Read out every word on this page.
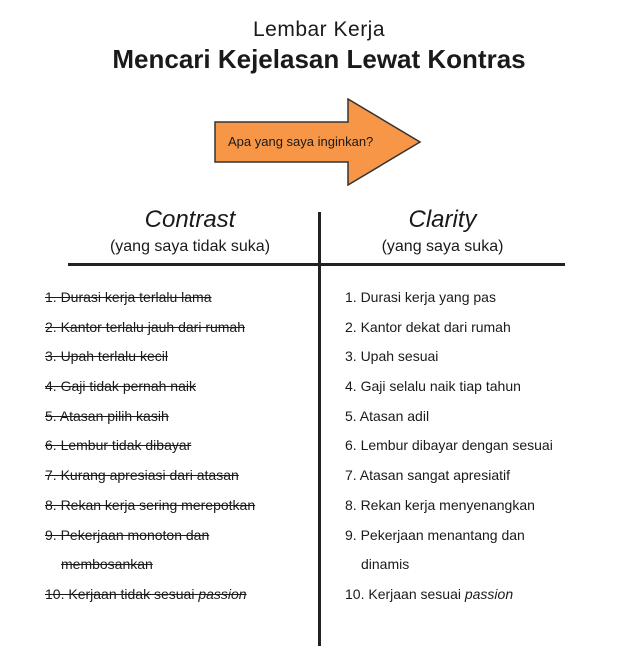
Lembar Kerja
Mencari Kejelasan Lewat Kontras
Apa yang saya inginkan?
Contrast
(yang saya tidak suka)
Clarity
(yang saya suka)
1. Durasi kerja terlalu lama
2. Kantor terlalu jauh dari rumah
3. Upah terlalu kecil
4. Gaji tidak pernah naik
5. Atasan pilih kasih
6. Lembur tidak dibayar
7. Kurang apresiasi dari atasan
8. Rekan kerja sering merepotkan
9. Pekerjaan monoton dan
membosankan
10. Kerjaan tidak sesuai passion
1. Durasi kerja yang pas
2. Kantor dekat dari rumah
3. Upah sesuai
4. Gaji selalu naik tiap tahun
5. Atasan adil
6. Lembur dibayar dengan sesuai
7. Atasan sangat apresiatif
8. Rekan kerja menyenangkan
9. Pekerjaan menantang dan
dinamis
10. Kerjaan sesuai passion
